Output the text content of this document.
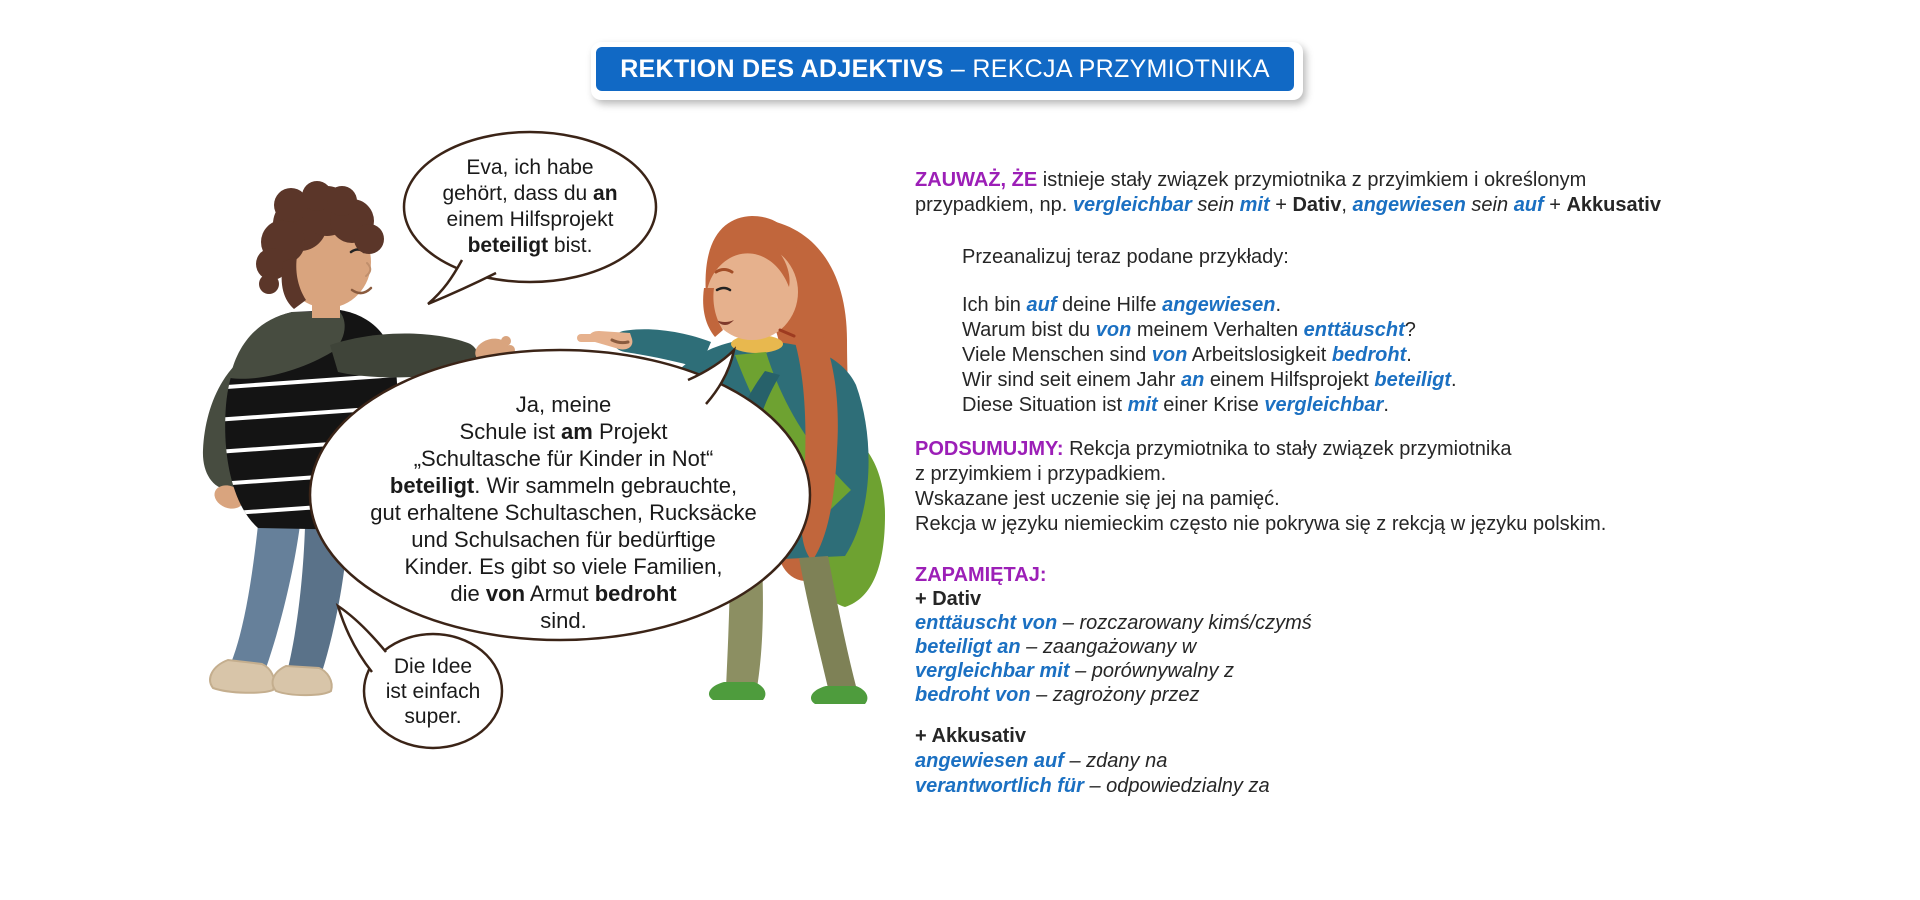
REKTION DES ADJEKTIVS – REKCJA PRZYMIOTNIKA
Eva, ich habe
gehört, dass du an
einem Hilfsprojekt
beteiligt bist.
Ja, meine
Schule ist am Projekt
„Schultasche für Kinder in Not“
beteiligt. Wir sammeln gebrauchte,
gut erhaltene Schultaschen, Rucksäcke
und Schulsachen für bedürftige
Kinder. Es gibt so viele Familien,
die von Armut bedroht
sind.
Die Idee
ist einfach
super.
ZAUWAŻ, ŻE istnieje stały związek przymiotnika z przyimkiem i określonym
przypadkiem, np. vergleichbar sein mit + Dativ, angewiesen sein auf + Akkusativ
Przeanalizuj teraz podane przykłady:
Ich bin auf deine Hilfe angewiesen.
Warum bist du von meinem Verhalten enttäuscht?
Viele Menschen sind von Arbeitslosigkeit bedroht.
Wir sind seit einem Jahr an einem Hilfsprojekt beteiligt.
Diese Situation ist mit einer Krise vergleichbar.
PODSUMUJMY: Rekcja przymiotnika to stały związek przymiotnika
z przyimkiem i przypadkiem.
Wskazane jest uczenie się jej na pamięć.
Rekcja w języku niemieckim często nie pokrywa się z rekcją w języku polskim.
ZAPAMIĘTAJ:
+ Dativ
enttäuscht von – rozczarowany kimś/czymś
beteiligt an – zaangażowany w
vergleichbar mit – porównywalny z
bedroht von – zagrożony przez
+ Akkusativ
angewiesen auf – zdany na
verantwortlich für – odpowiedzialny za
